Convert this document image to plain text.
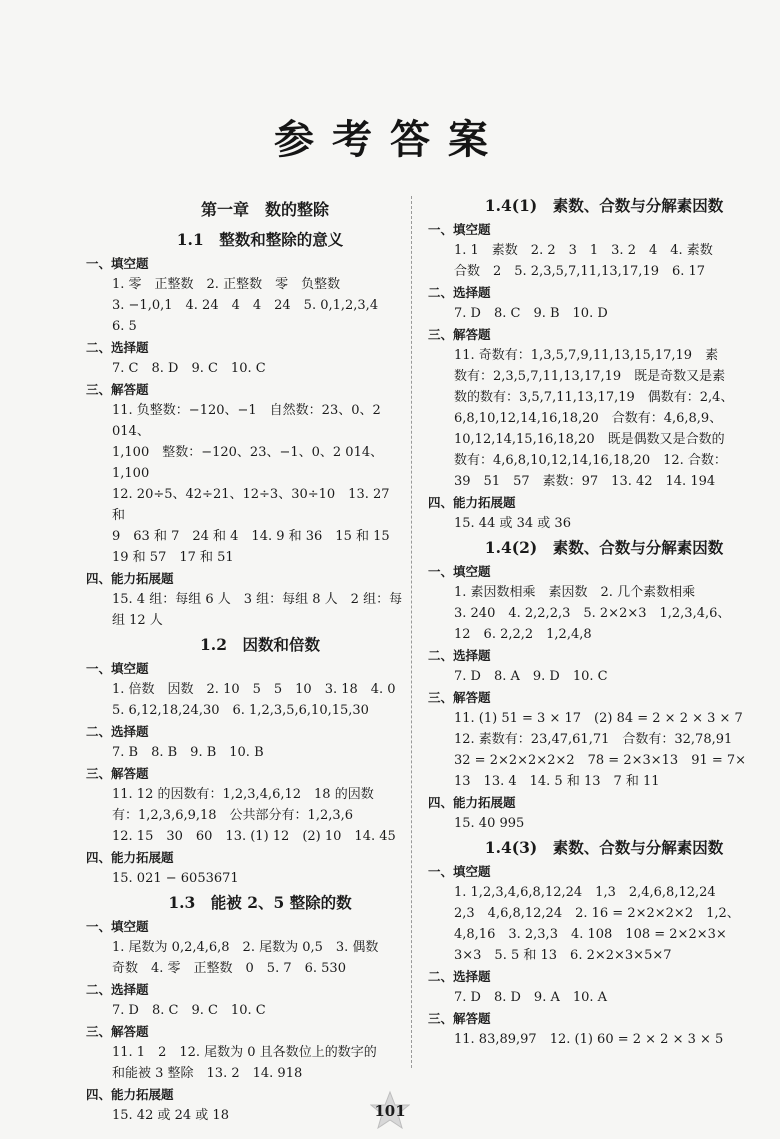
参考答案
第一章　数的整除
1.1　整数和整除的意义
一、填空题
1. 零　正整数　2. 正整数　零　负整数
3. −1,0,1　4. 24　4　4　24　5. 0,1,2,3,4
6. 5
二、选择题
7. C　8. D　9. C　10. C
三、解答题
11. 负整数：−120、−1　自然数：23、0、2 014、
1,100　整数：−120、23、−1、0、2 014、1,100
12. 20÷5、42÷21、12÷3、30÷10　13. 27 和
9　63 和 7　24 和 4　14. 9 和 36　15 和 15
19 和 57　17 和 51
四、能力拓展题
15. 4 组：每组 6 人　3 组：每组 8 人　2 组：每
组 12 人
1.2　因数和倍数
一、填空题
1. 倍数　因数　2. 10　5　5　10　3. 18　4. 0
5. 6,12,18,24,30　6. 1,2,3,5,6,10,15,30
二、选择题
7. B　8. B　9. B　10. B
三、解答题
11. 12 的因数有：1,2,3,4,6,12　18 的因数
有：1,2,3,6,9,18　公共部分有：1,2,3,6
12. 15　30　60　13. (1) 12　(2) 10　14. 45
四、能力拓展题
15. 021 − 6053671
1.3　能被 2、5 整除的数
一、填空题
1. 尾数为 0,2,4,6,8　2. 尾数为 0,5　3. 偶数
奇数　4. 零　正整数　0　5. 7　6. 530
二、选择题
7. D　8. C　9. C　10. C
三、解答题
11. 1　2　12. 尾数为 0 且各数位上的数字的
和能被 3 整除　13. 2　14. 918
四、能力拓展题
15. 42 或 24 或 18
1.4(1)　素数、合数与分解素因数
一、填空题
1. 1　素数　2. 2　3　1　3. 2　4　4. 素数
合数　2　5. 2,3,5,7,11,13,17,19　6. 17
二、选择题
7. D　8. C　9. B　10. D
三、解答题
11. 奇数有：1,3,5,7,9,11,13,15,17,19　素
数有：2,3,5,7,11,13,17,19　既是奇数又是素
数的数有：3,5,7,11,13,17,19　偶数有：2,4、
6,8,10,12,14,16,18,20　合数有：4,6,8,9、
10,12,14,15,16,18,20　既是偶数又是合数的
数有：4,6,8,10,12,14,16,18,20　12. 合数：
39　51　57　素数：97　13. 42　14. 194
四、能力拓展题
15. 44 或 34 或 36
1.4(2)　素数、合数与分解素因数
一、填空题
1. 素因数相乘　素因数　2. 几个素数相乘
3. 240　4. 2,2,2,3　5. 2×2×3　1,2,3,4,6、
12　6. 2,2,2　1,2,4,8
二、选择题
7. D　8. A　9. D　10. C
三、解答题
11. (1) 51 = 3 × 17　(2) 84 = 2 × 2 × 3 × 7
12. 素数有：23,47,61,71　合数有：32,78,91
32 = 2×2×2×2×2　78 = 2×3×13　91 = 7×
13　13. 4　14. 5 和 13　7 和 11
四、能力拓展题
15. 40 995
1.4(3)　素数、合数与分解素因数
一、填空题
1. 1,2,3,4,6,8,12,24　1,3　2,4,6,8,12,24
2,3　4,6,8,12,24　2. 16 = 2×2×2×2　1,2、
4,8,16　3. 2,3,3　4. 108　108 = 2×2×3×
3×3　5. 5 和 13　6. 2×2×3×5×7
二、选择题
7. D　8. D　9. A　10. A
三、解答题
11. 83,89,97　12. (1) 60 = 2 × 2 × 3 × 5
101
